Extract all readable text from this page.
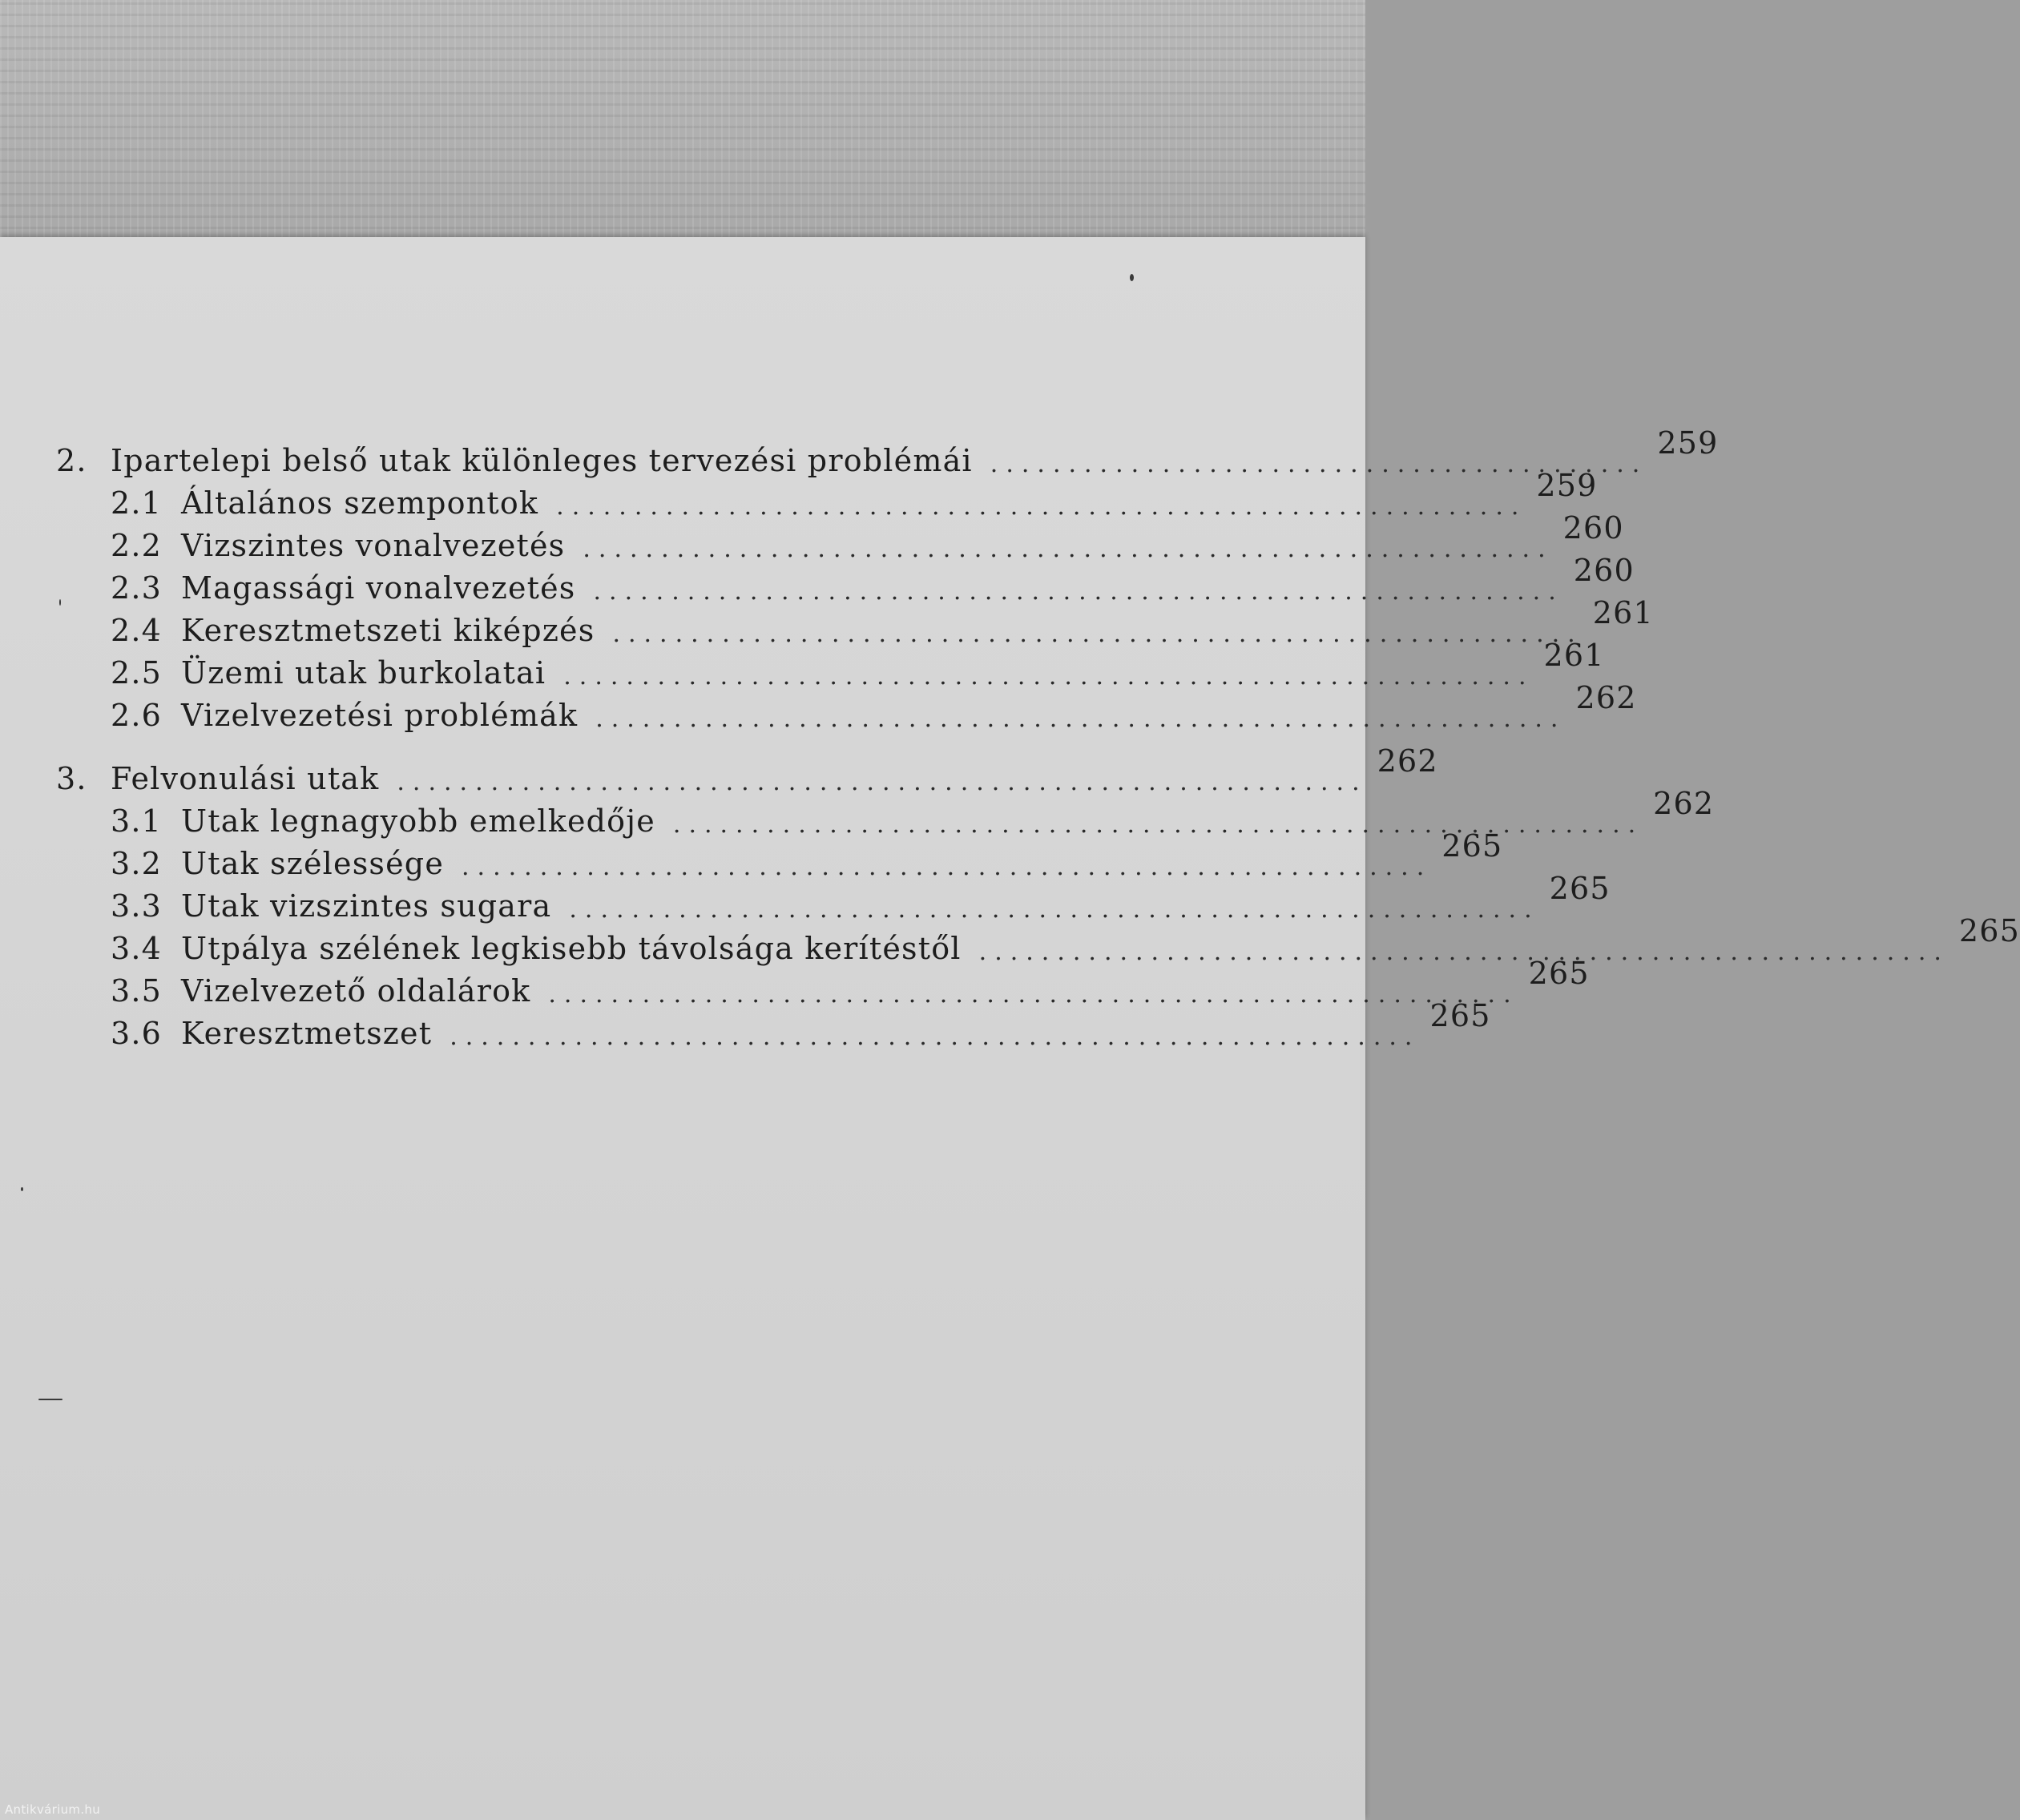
2. Ipartelepi belső utak különleges tervezési problémái ..........................................
259
2.1 Általános szempontok ..............................................................
259
2.2 Vizszintes vonalvezetés ..............................................................
260
2.3 Magassági vonalvezetés ..............................................................
260
2.4 Keresztmetszeti kiképzés ..............................................................
261
2.5 Üzemi utak burkolatai ..............................................................
261
2.6 Vizelvezetési problémák ..............................................................
262
3. Felvonulási utak ..............................................................
262
3.1 Utak legnagyobb emelkedője ..............................................................
262
3.2 Utak szélessége ..............................................................
265
3.3 Utak vizszintes sugara ..............................................................
265
3.4 Utpálya szélének legkisebb távolsága kerítéstől ..............................................................
265
3.5 Vizelvezető oldalárok ..............................................................
265
3.6 Keresztmetszet ..............................................................
265
Antikvárium.hu
